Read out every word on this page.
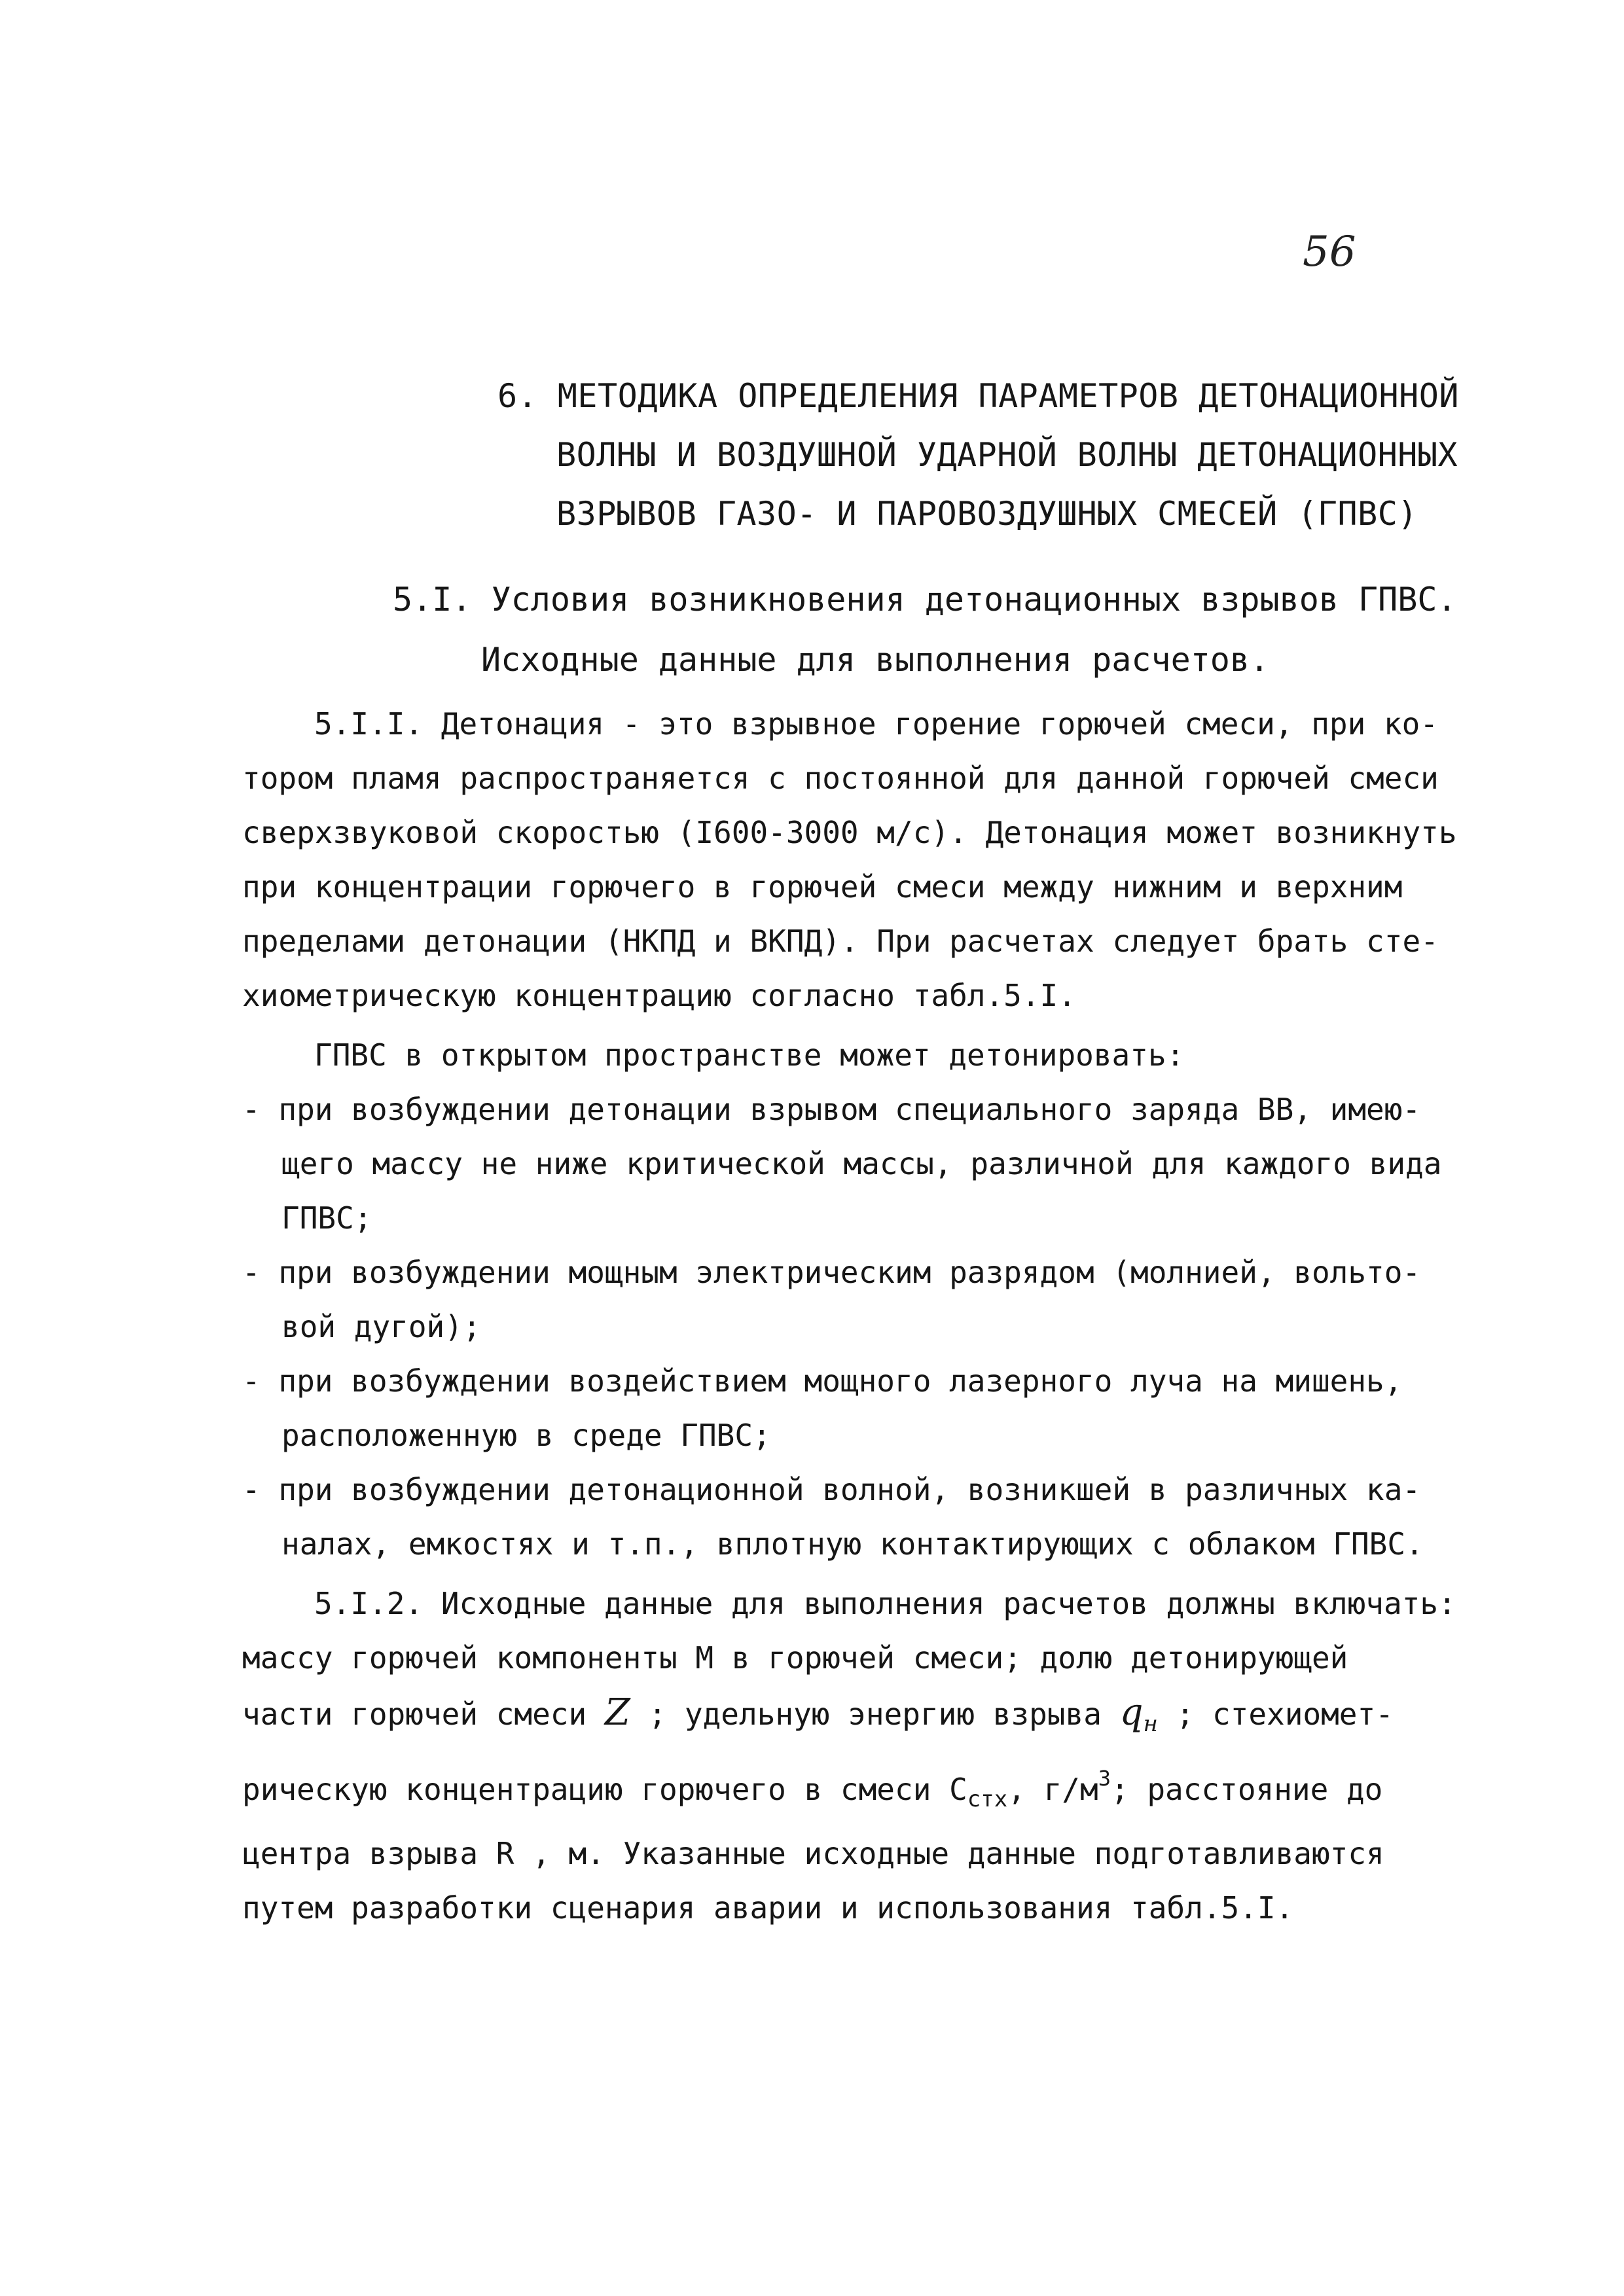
56
6. МЕТОДИКА ОПРЕДЕЛЕНИЯ ПАРАМЕТРОВ ДЕТОНАЦИОННОЙ
ВОЛНЫ И ВОЗДУШНОЙ УДАРНОЙ ВОЛНЫ ДЕТОНАЦИОННЫХ
ВЗРЫВОВ ГАЗО- И ПАРОВОЗДУШНЫХ СМЕСЕЙ (ГПВС)
5.I. Условия возникновения детонационных взрывов ГПВС.
Исходные данные для выполнения расчетов.
5.I.I. Детонация - это взрывное горение горючей смеси, при ко-
тором пламя распространяется с постоянной для данной горючей смеси
сверхзвуковой скоростью (I600-3000 м/с). Детонация может возникнуть
при концентрации горючего в горючей смеси между нижним и верхним
пределами детонации (НКПД и ВКПД). При расчетах следует брать сте-
хиометрическую концентрацию согласно табл.5.I.
ГПВС в открытом пространстве может детонировать:
- при возбуждении детонации взрывом специального заряда ВВ, имею-
щего массу не ниже критической массы, различной для каждого вида
ГПВС;
- при возбуждении мощным электрическим разрядом (молнией, вольто-
вой дугой);
- при возбуждении воздействием мощного лазерного луча на мишень,
расположенную в среде ГПВС;
- при возбуждении детонационной волной, возникшей в различных ка-
налах, емкостях и т.п., вплотную контактирующих с облаком ГПВС.
5.I.2. Исходные данные для выполнения расчетов должны включать:
массу горючей компоненты М в горючей смеси; долю детонирующей
части горючей смеси Z ; удельную энергию взрыва $q_н$ ; стехиомет-
рическую концентрацию горючего в смеси $С_{стх}$, $г/м^3$; расстояние до
центра взрыва R , м. Указанные исходные данные подготавливаются
путем разработки сценария аварии и использования табл.5.I.
